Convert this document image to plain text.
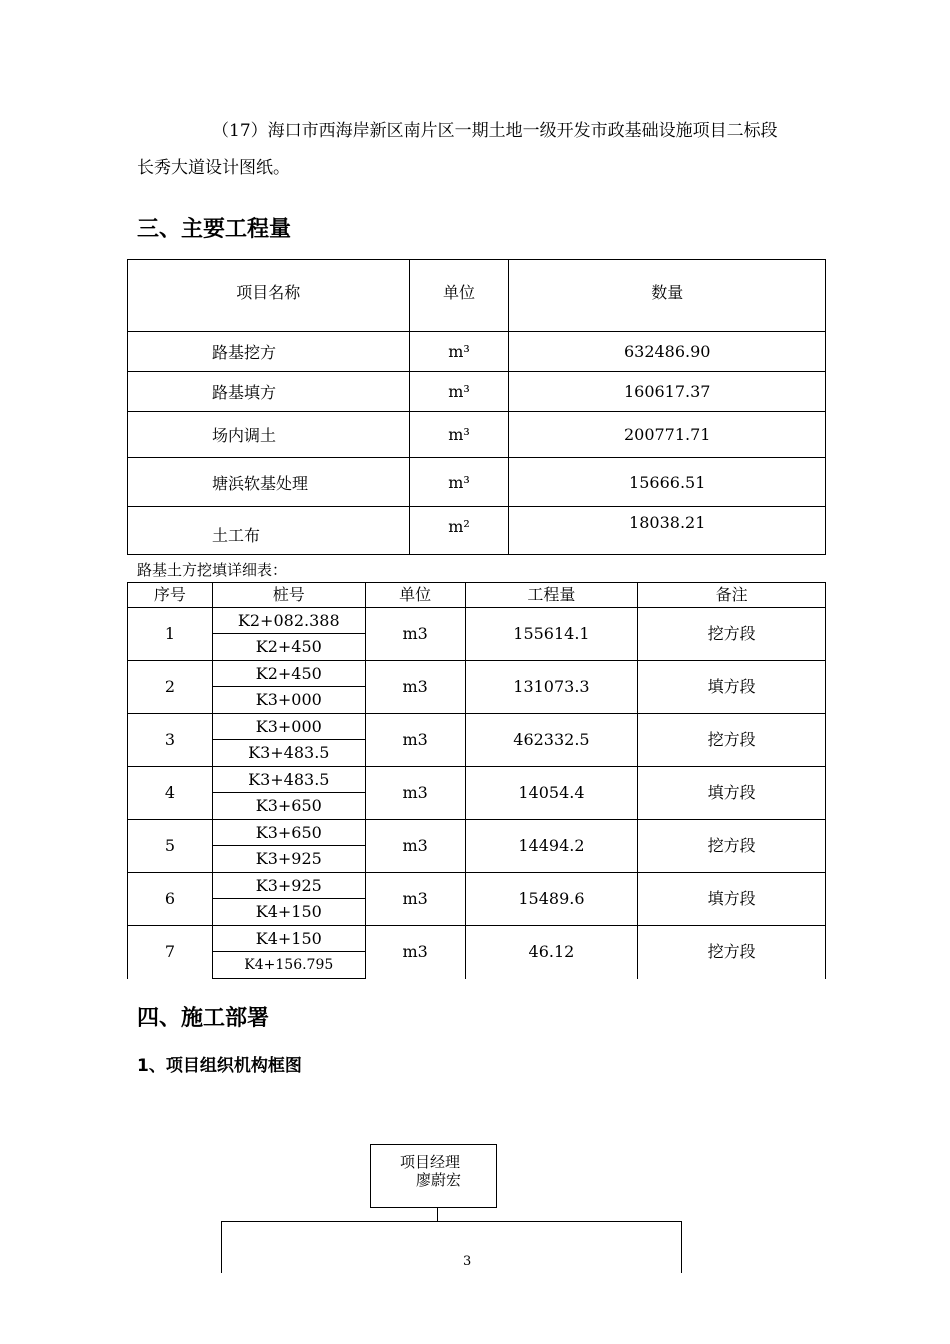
（17）海口市西海岸新区南片区一期土地一级开发市政基础设施项目二标段
长秀大道设计图纸。
三、主要工程量
项目名称	单位	数量
路基挖方	m³	632486.90
路基填方	m³	160617.37
场内调土	m³	200771.71
塘浜软基处理	m³	15666.51
土工布	m²	18038.21
路基土方挖填详细表：
序号	桩号	单位	工程量	备注
1	K2+082.388	m3	155614.1	挖方段
	K2+450			
2	K2+450	m3	131073.3	填方段
	K3+000			
3	K3+000	m3	462332.5	挖方段
	K3+483.5			
4	K3+483.5	m3	14054.4	填方段
	K3+650			
5	K3+650	m3	14494.2	挖方段
	K3+925			
6	K3+925	m3	15489.6	填方段
	K4+150			
7	K4+150	m3	46.12	挖方段
	K4+156.795			
四、施工部署
1、项目组织机构框图
项目经理
廖蔚宏
3
